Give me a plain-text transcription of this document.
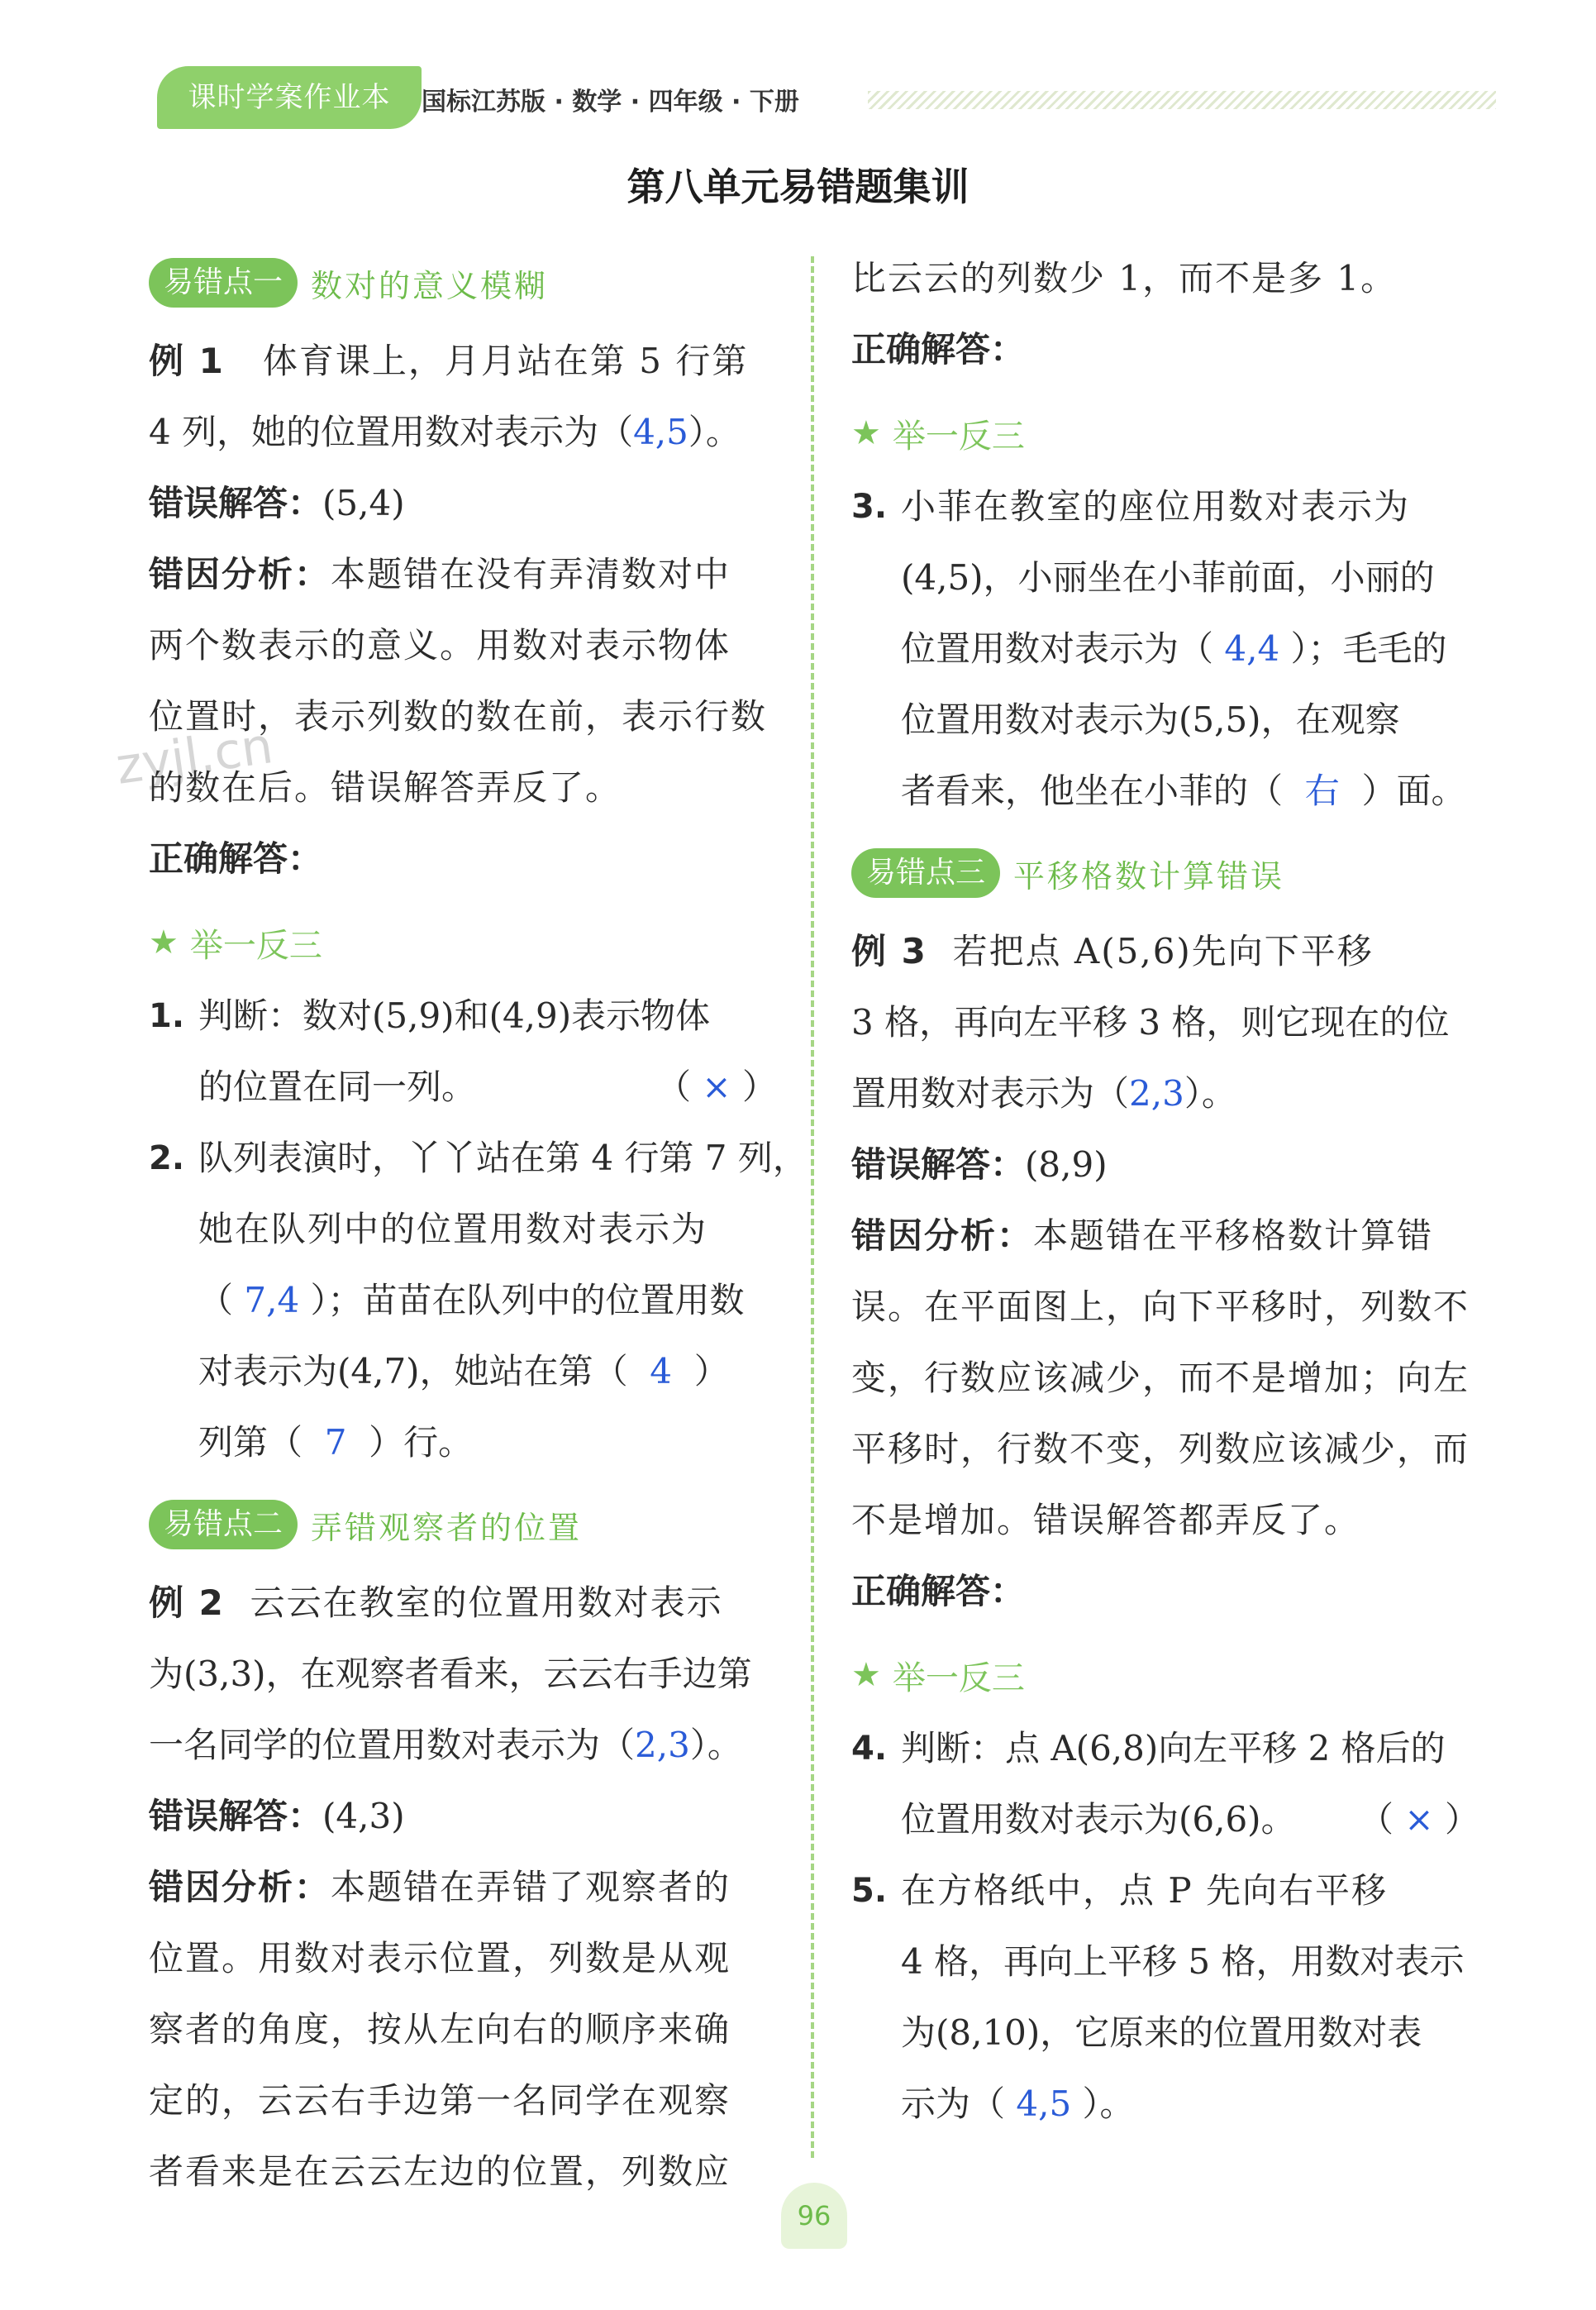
课时学案作业本	国标江苏版 · 数学 · 四年级 · 下册
第八单元易错题集训
zyjl.cn
易错点一 数对的意义模糊
例 1 体育课上，月月站在第 5 行第
4 列，她的位置用数对表示为（4,5）。
错误解答：(5,4)
错因分析：本题错在没有弄清数对中
两个数表示的意义。用数对表示物体
位置时，表示列数的数在前，表示行数
的数在后。错误解答弄反了。
正确解答：
★ 举一反三
1. 判断：数对(5,9)和(4,9)表示物体
的位置在同一列。	（ × ）
2. 队列表演时，丫丫站在第 4 行第 7 列，
她在队列中的位置用数对表示为
（ 7,4 ）；苗苗在队列中的位置用数
对表示为(4,7)，她站在第（ 4 ）
列第（ 7 ）行。
易错点二 弄错观察者的位置
例 2 云云在教室的位置用数对表示
为(3,3)，在观察者看来，云云右手边第
一名同学的位置用数对表示为（2,3）。
错误解答：(4,3)
错因分析：本题错在弄错了观察者的
位置。用数对表示位置，列数是从观
察者的角度，按从左向右的顺序来确
定的，云云右手边第一名同学在观察
者看来是在云云左边的位置，列数应
比云云的列数少 1，而不是多 1。
正确解答：
★ 举一反三
3. 小菲在教室的座位用数对表示为
(4,5)，小丽坐在小菲前面，小丽的
位置用数对表示为（ 4,4 ）；毛毛的
位置用数对表示为(5,5)，在观察
者看来，他坐在小菲的（ 右 ）面。
易错点三 平移格数计算错误
例 3 若把点 A(5,6)先向下平移
3 格，再向左平移 3 格，则它现在的位
置用数对表示为（2,3）。
错误解答：(8,9)
错因分析：本题错在平移格数计算错
误。在平面图上，向下平移时，列数不
变，行数应该减少，而不是增加；向左
平移时，行数不变，列数应该减少，而
不是增加。错误解答都弄反了。
正确解答：
★ 举一反三
4. 判断：点 A(6,8)向左平移 2 格后的
位置用数对表示为(6,6)。 （ × ）
5. 在方格纸中，点 P 先向右平移
4 格，再向上平移 5 格，用数对表示
为(8,10)，它原来的位置用数对表
示为（ 4,5 ）。
96
